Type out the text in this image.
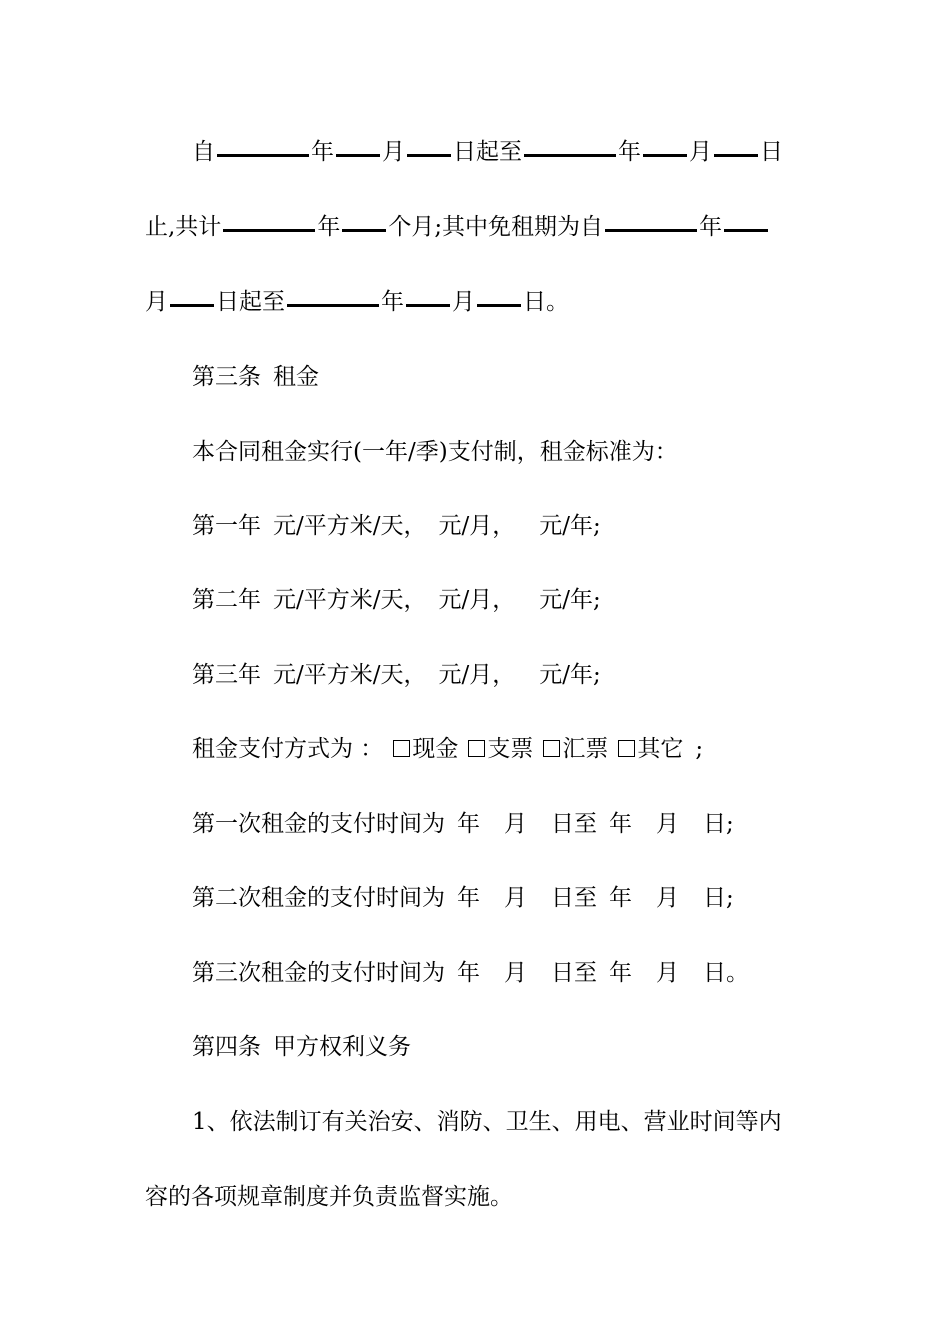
自	年 月 日起至	年 月 日
止,共计	年 个月;其中免租期为自	年
月 日起至	年 月 日。
第三条 租金
本合同租金实行(一年/季)支付制，租金标准为：
第一年 元/平方米/天， 元/月， 元/年;
第二年 元/平方米/天， 元/月， 元/年;
第三年 元/平方米/天， 元/月， 元/年;
租金支付方式为 ： 现金 支票 汇票 其它 ;
第一次租金的支付时间为 年 月 日至 年 月 日;
第二次租金的支付时间为 年 月 日至 年 月 日;
第三次租金的支付时间为 年 月 日至 年 月 日。
第四条 甲方权利义务
1、依法制订有关治安、消防、卫生、用电、营业时间等内
容的各项规章制度并负责监督实施。
